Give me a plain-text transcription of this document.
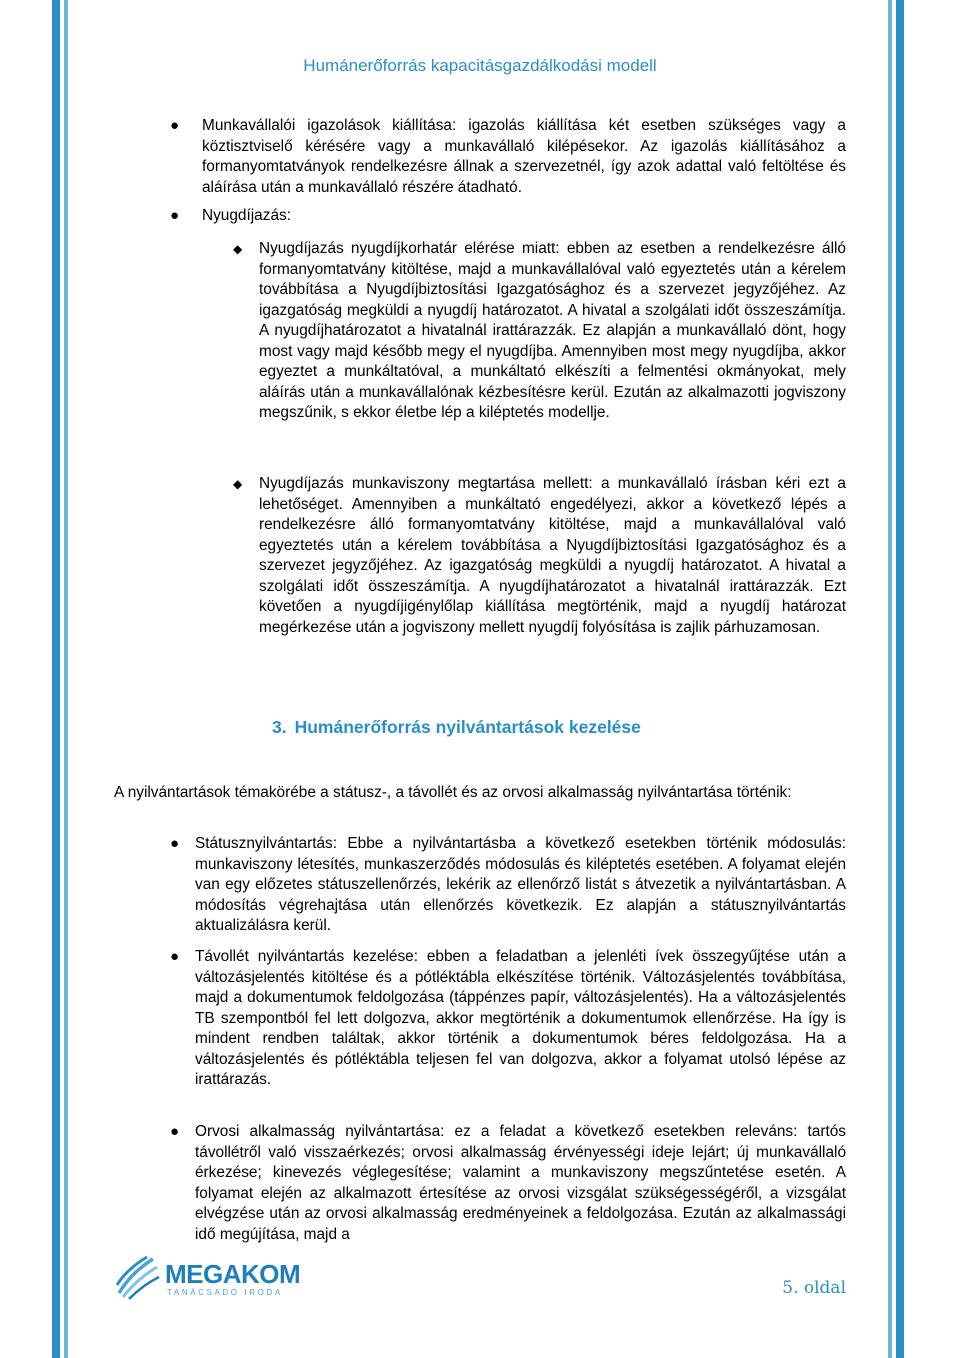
Humánerőforrás kapacitásgazdálkodási modell
● Munkavállalói igazolások kiállítása: igazolás kiállítása két esetben szükséges vagy a köztisztviselő kérésére vagy a munkavállaló kilépésekor. Az igazolás kiállításához a formanyomtatványok rendelkezésre állnak a szervezetnél, így azok adattal való feltöltése és aláírása után a munkavállaló részére átadható.

● Nyugdíjazás:

◆ Nyugdíjazás nyugdíjkorhatár elérése miatt: ebben az esetben a rendelkezésre álló formanyomtatvány kitöltése, majd a munkavállalóval való egyeztetés után a kérelem továbbítása a Nyugdíjbiztosítási Igazgatósághoz és a szervezet jegyzőjéhez. Az igazgatóság megküldi a nyugdíj határozatot. A hivatal a szolgálati időt összeszámítja. A nyugdíjhatározatot a hivatalnál irattárazzák. Ez alapján a munkavállaló dönt, hogy most vagy majd később megy el nyugdíjba. Amennyiben most megy nyugdíjba, akkor egyeztet a munkáltatóval, a munkáltató elkészíti a felmentési okmányokat, mely aláírás után a munkavállalónak kézbesítésre kerül. Ezután az alkalmazotti jogviszony megszűnik, s ekkor életbe lép a kiléptetés modellje.

◆ Nyugdíjazás munkaviszony megtartása mellett: a munkavállaló írásban kéri ezt a lehetőséget. Amennyiben a munkáltató engedélyezi, akkor a következő lépés a rendelkezésre álló formanyomtatvány kitöltése, majd a munkavállalóval való egyeztetés után a kérelem továbbítása a Nyugdíjbiztosítási Igazgatósághoz és a szervezet jegyzőjéhez. Az igazgatóság megküldi a nyugdíj határozatot. A hivatal a szolgálati időt összeszámítja. A nyugdíjhatározatot a hivatalnál irattárazzák. Ezt követően a nyugdíjigénylőlap kiállítása megtörténik, majd a nyugdíj határozat megérkezése után a jogviszony mellett nyugdíj folyósítása is zajlik párhuzamosan.

3. Humánerőforrás nyilvántartások kezelése

A nyilvántartások témakörébe a státusz-, a távollét és az orvosi alkalmasság nyilvántartása történik:

● Státusznyilvántartás: Ebbe a nyilvántartásba a következő esetekben történik módosulás: munkaviszony létesítés, munkaszerződés módosulás és kiléptetés esetében. A folyamat elején van egy előzetes státuszellenőrzés, lekérik az ellenőrző listát s átvezetik a nyilvántartásban. A módosítás végrehajtása után ellenőrzés következik. Ez alapján a státusznyilvántartás aktualizálásra kerül.

● Távollét nyilvántartás kezelése: ebben a feladatban a jelenléti ívek összegyűjtése után a változásjelentés kitöltése és a pótléktábla elkészítése történik. Változásjelentés továbbítása, majd a dokumentumok feldolgozása (táppénzes papír, változásjelentés). Ha a változásjelentés TB szempontból fel lett dolgozva, akkor megtörténik a dokumentumok ellenőrzése. Ha így is mindent rendben találtak, akkor történik a dokumentumok béres feldolgozása. Ha a változásjelentés és pótléktábla teljesen fel van dolgozva, akkor a folyamat utolsó lépése az irattárazás.

● Orvosi alkalmasság nyilvántartása: ez a feladat a következő esetekben releváns: tartós távollétről való visszaérkezés; orvosi alkalmasság érvényességi ideje lejárt; új munkavállaló érkezése; kinevezés véglegesítése; valamint a munkaviszony megszűntetése esetén. A folyamat elején az alkalmazott értesítése az orvosi vizsgálat szükségességéről, a vizsgálat elvégzése után az orvosi alkalmasság eredményeinek a feldolgozása. Ezután az alkalmassági idő megújítása, majd a

MEGAKOM
TANÁCSADÓ IRODA	5. oldal
